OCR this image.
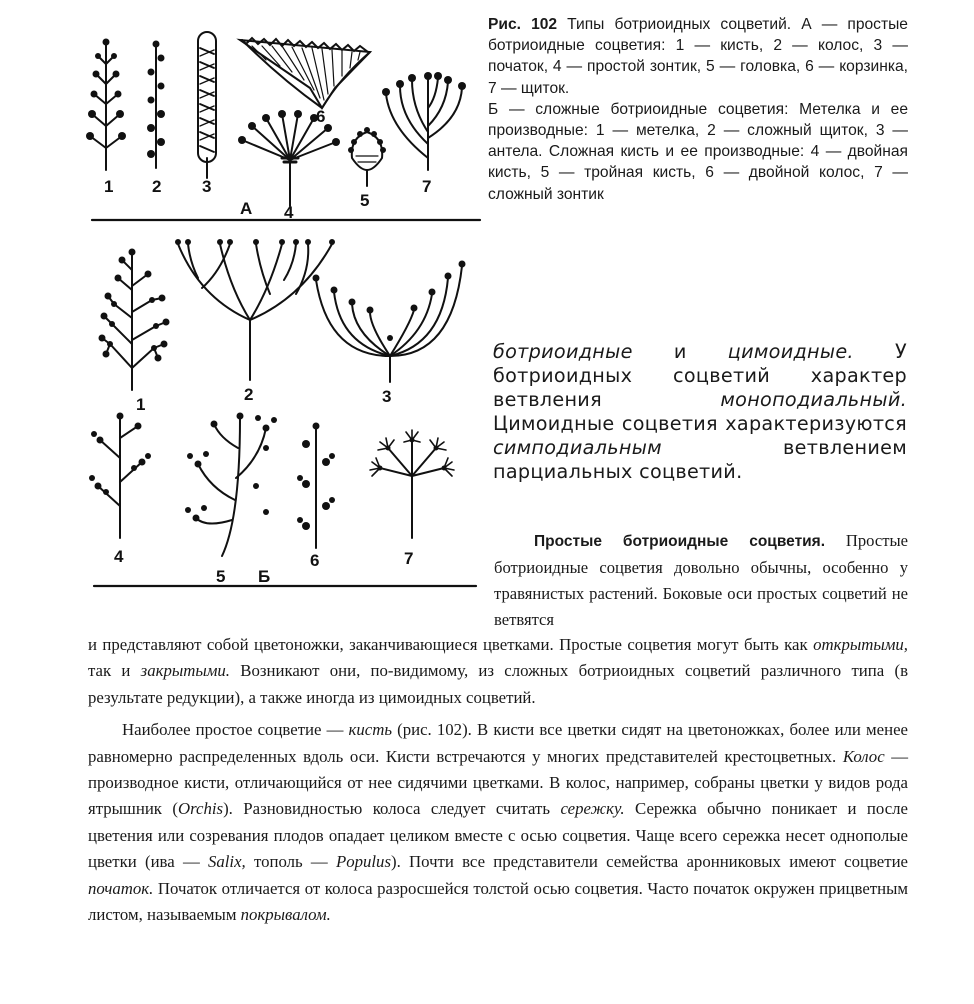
1 2 3
4
5
6
7
А
1
2	3
4
5
6	7
Б

Рис. 102 Типы ботриоидных соцветий. А — простые ботриоидные соцветия: 1 — кисть, 2 — колос, 3 — початок, 4 — простой зонтик, 5 — головка, 6 — корзинка, 7 — щиток.

Б — сложные ботриоидные соцветия: Метелка и ее производные: 1 — метелка, 2 — сложный щиток, 3 — антела. Сложная кисть и ее производные: 4 — двойная кисть, 5 — тройная кисть, 6 — двойной колос, 7 — сложный зонтик

ботриоидные и цимоидные. У ботриоидных соцветий характер ветвления моноподиальный. Цимоидные соцветия характеризуются симподиальным ветвлением парциальных соцветий.

Простые ботриоидные соцветия. Простые ботриоидные соцветия довольно обычны, особенно у травянистых растений. Боковые оси простых соцветий не ветвятся

и представляют собой цветоножки, заканчивающиеся цветками. Простые соцветия могут быть как открытыми, так и закрытыми. Возникают они, по-видимому, из сложных ботриоидных соцветий различного типа (в результате редукции), а также иногда из цимоидных соцветий.

Наиболее простое соцветие — кисть (рис. 102). В кисти все цветки сидят на цветоножках, более или менее равномерно распределенных вдоль оси. Кисти встречаются у многих представителей крестоцветных. Колос — производное кисти, отличающийся от нее сидячими цветками. В колос, например, собраны цветки у видов рода ятрышник (Orchis). Разновидностью колоса следует считать сережку. Сережка обычно поникает и после цветения или созревания плодов опадает целиком вместе с осью соцветия. Чаще всего сережка несет однополые цветки (ива — Salix, тополь — Populus). Почти все представители семейства аронниковых имеют соцветие початок. Початок отличается от колоса разросшейся толстой осью соцветия. Часто початок окружен прицветным листом, называемым покрывалом.
